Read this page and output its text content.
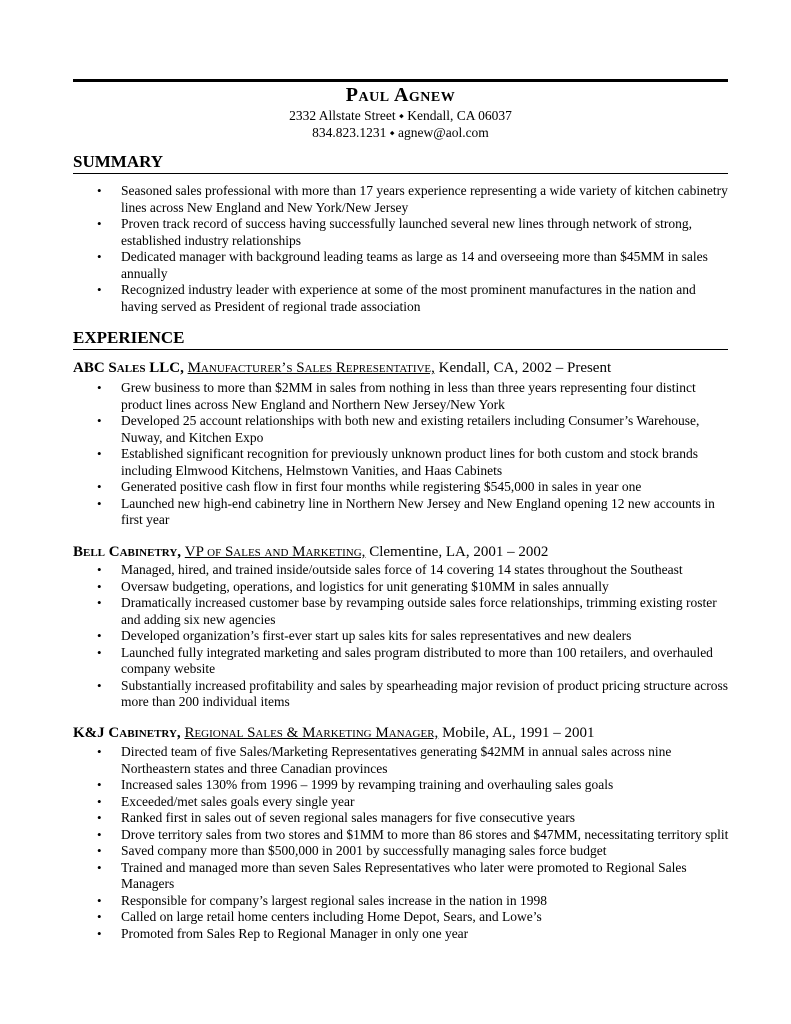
Paul Agnew
2332 Allstate Street ⬩ Kendall, CA 06037
834.823.1231 ⬩ agnew@aol.com
SUMMARY
• Seasoned sales professional with more than 17 years experience representing a wide variety of kitchen cabinetry lines across New England and New York/New Jersey
• Proven track record of success having successfully launched several new lines through network of strong, established industry relationships
• Dedicated manager with background leading teams as large as 14 and overseeing more than $45MM in sales annually
• Recognized industry leader with experience at some of the most prominent manufactures in the nation and having served as President of regional trade association
EXPERIENCE
ABC Sales LLC, Manufacturer’s Sales Representative, Kendall, CA, 2002 – Present
• Grew business to more than $2MM in sales from nothing in less than three years representing four distinct product lines across New England and Northern New Jersey/New York
• Developed 25 account relationships with both new and existing retailers including Consumer’s Warehouse, Nuway, and Kitchen Expo
• Established significant recognition for previously unknown product lines for both custom and stock brands including Elmwood Kitchens, Helmstown Vanities, and Haas Cabinets
• Generated positive cash flow in first four months while registering $545,000 in sales in year one
• Launched new high-end cabinetry line in Northern New Jersey and New England opening 12 new accounts in first year
Bell Cabinetry, VP of Sales and Marketing, Clementine, LA, 2001 – 2002
• Managed, hired, and trained inside/outside sales force of 14 covering 14 states throughout the Southeast
• Oversaw budgeting, operations, and logistics for unit generating $10MM in sales annually
• Dramatically increased customer base by revamping outside sales force relationships, trimming existing roster and adding six new agencies
• Developed organization’s first-ever start up sales kits for sales representatives and new dealers
• Launched fully integrated marketing and sales program distributed to more than 100 retailers, and overhauled company website
• Substantially increased profitability and sales by spearheading major revision of product pricing structure across more than 200 individual items
K&J Cabinetry, Regional Sales & Marketing Manager, Mobile, AL, 1991 – 2001
• Directed team of five Sales/Marketing Representatives generating $42MM in annual sales across nine Northeastern states and three Canadian provinces
• Increased sales 130% from 1996 – 1999 by revamping training and overhauling sales goals
• Exceeded/met sales goals every single year
• Ranked first in sales out of seven regional sales managers for five consecutive years
• Drove territory sales from two stores and $1MM to more than 86 stores and $47MM, necessitating territory split
• Saved company more than $500,000 in 2001 by successfully managing sales force budget
• Trained and managed more than seven Sales Representatives who later were promoted to Regional Sales Managers
• Responsible for company’s largest regional sales increase in the nation in 1998
• Called on large retail home centers including Home Depot, Sears, and Lowe’s
• Promoted from Sales Rep to Regional Manager in only one year
